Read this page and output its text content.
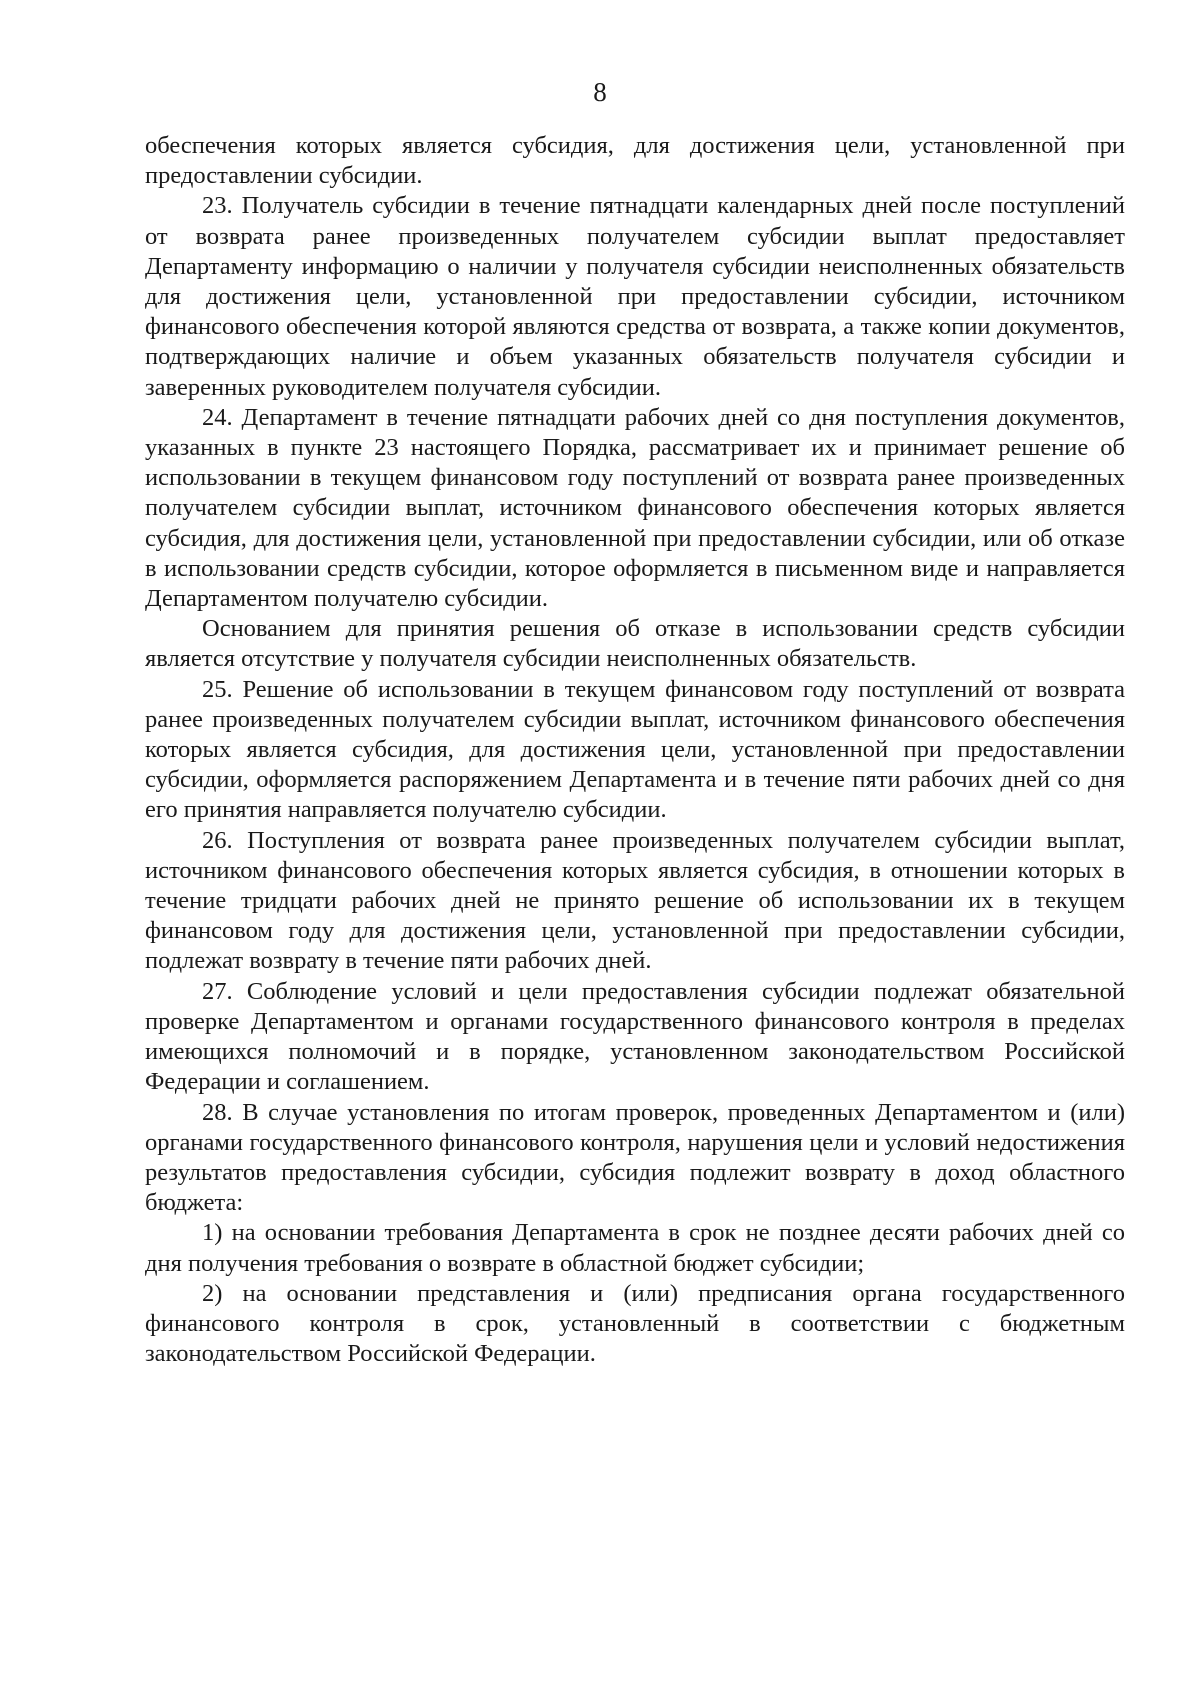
8

обеспечения которых является субсидия, для достижения цели, установленной при предоставлении субсидии.

23. Получатель субсидии в течение пятнадцати календарных дней после поступлений от возврата ранее произведенных получателем субсидии выплат предоставляет Департаменту информацию о наличии у получателя субсидии неисполненных обязательств для достижения цели, установленной при предоставлении субсидии, источником финансового обеспечения которой являются средства от возврата, а также копии документов, подтверждающих наличие и объем указанных обязательств получателя субсидии и заверенных руководителем получателя субсидии.

24. Департамент в течение пятнадцати рабочих дней со дня поступления документов, указанных в пункте 23 настоящего Порядка, рассматривает их и принимает решение об использовании в текущем финансовом году поступлений от возврата ранее произведенных получателем субсидии выплат, источником финансового обеспечения которых является субсидия, для достижения цели, установленной при предоставлении субсидии, или об отказе в использовании средств субсидии, которое оформляется в письменном виде и направляется Департаментом получателю субсидии.

Основанием для принятия решения об отказе в использовании средств субсидии является отсутствие у получателя субсидии неисполненных обязательств.

25. Решение об использовании в текущем финансовом году поступлений от возврата ранее произведенных получателем субсидии выплат, источником финансового обеспечения которых является субсидия, для достижения цели, установленной при предоставлении субсидии, оформляется распоряжением Департамента и в течение пяти рабочих дней со дня его принятия направляется получателю субсидии.

26. Поступления от возврата ранее произведенных получателем субсидии выплат, источником финансового обеспечения которых является субсидия, в отношении которых в течение тридцати рабочих дней не принято решение об использовании их в текущем финансовом году для достижения цели, установленной при предоставлении субсидии, подлежат возврату в течение пяти рабочих дней.

27. Соблюдение условий и цели предоставления субсидии подлежат обязательной проверке Департаментом и органами государственного финансового контроля в пределах имеющихся полномочий и в порядке, установленном законодательством Российской Федерации и соглашением.

28. В случае установления по итогам проверок, проведенных Департаментом и (или) органами государственного финансового контроля, нарушения цели и условий недостижения результатов предоставления субсидии, субсидия подлежит возврату в доход областного бюджета:

1) на основании требования Департамента в срок не позднее десяти рабочих дней со дня получения требования о возврате в областной бюджет субсидии;

2) на основании представления и (или) предписания органа государственного финансового контроля в срок, установленный в соответствии с бюджетным законодательством Российской Федерации.
